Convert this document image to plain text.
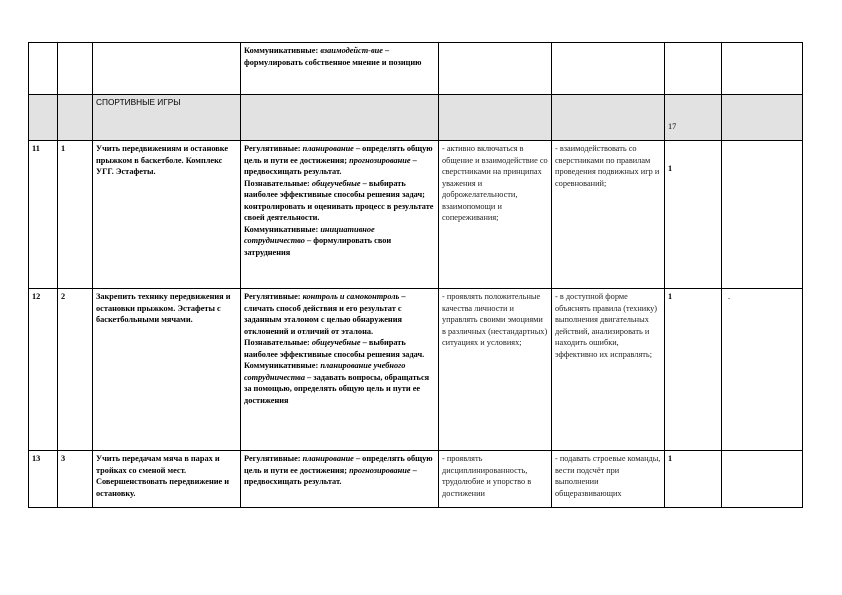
			Коммуникативные: взаимодейст-вие – формулировать собственное мнение и позицию				
		СПОРТИВНЫЕ ИГРЫ				17	
11	1	Учить передвижениям и остановке прыжком в баскетболе. Комплекс УГГ. Эстафеты.	Регулятивные: планирование – определять общую цель и пути ее достижения; прогнозирование – предвосхищать результат.
Познавательные: общеучебные – выбирать наиболее эффективные способы решения задач; контролировать и оценивать процесс в результате своей деятельности.
Коммуникативные: инициативное сотрудничество – формулировать свои затруднения	- активно включаться в общение и взаимодействие со сверстниками на принципах уважения и доброжелательности, взаимопомощи и сопереживания;	- взаимодействовать со сверстниками по правилам проведения подвижных игр и соревнований;	1	
12	2	Закрепить технику передвижения и остановки прыжком. Эстафеты с баскетбольными мячами.	Регулятивные: контроль и самоконтроль – сличать способ действия и его результат с заданным эталоном с целью обнаружения отклонений и отличий от эталона.
Познавательные: общеучебные – выбирать наиболее эффективные способы решения задач. Коммуникативные: планирование учебного сотрудничества – задавать вопросы, обращаться за помощью, определять общую цель и пути ее достижения	- проявлять положительные качества личности и управлять своими эмоциями в различных (нестандартных) ситуациях и условиях;	- в доступной форме объяснять правила (технику) выполнения двигательных действий, анализировать и находить ошибки, эффективно их исправлять;	1	.
13	3	Учить передачам мяча в парах и тройках со сменой мест. Совершенствовать передвижение и остановку.	Регулятивные: планирование – определять общую цель и пути ее достижения; прогнозирование – предвосхищать результат.	- проявлять дисциплинированность, трудолюбие и упорство в достижении	- подавать строевые команды, вести подсчёт при выполнении общеразвивающих	1	
